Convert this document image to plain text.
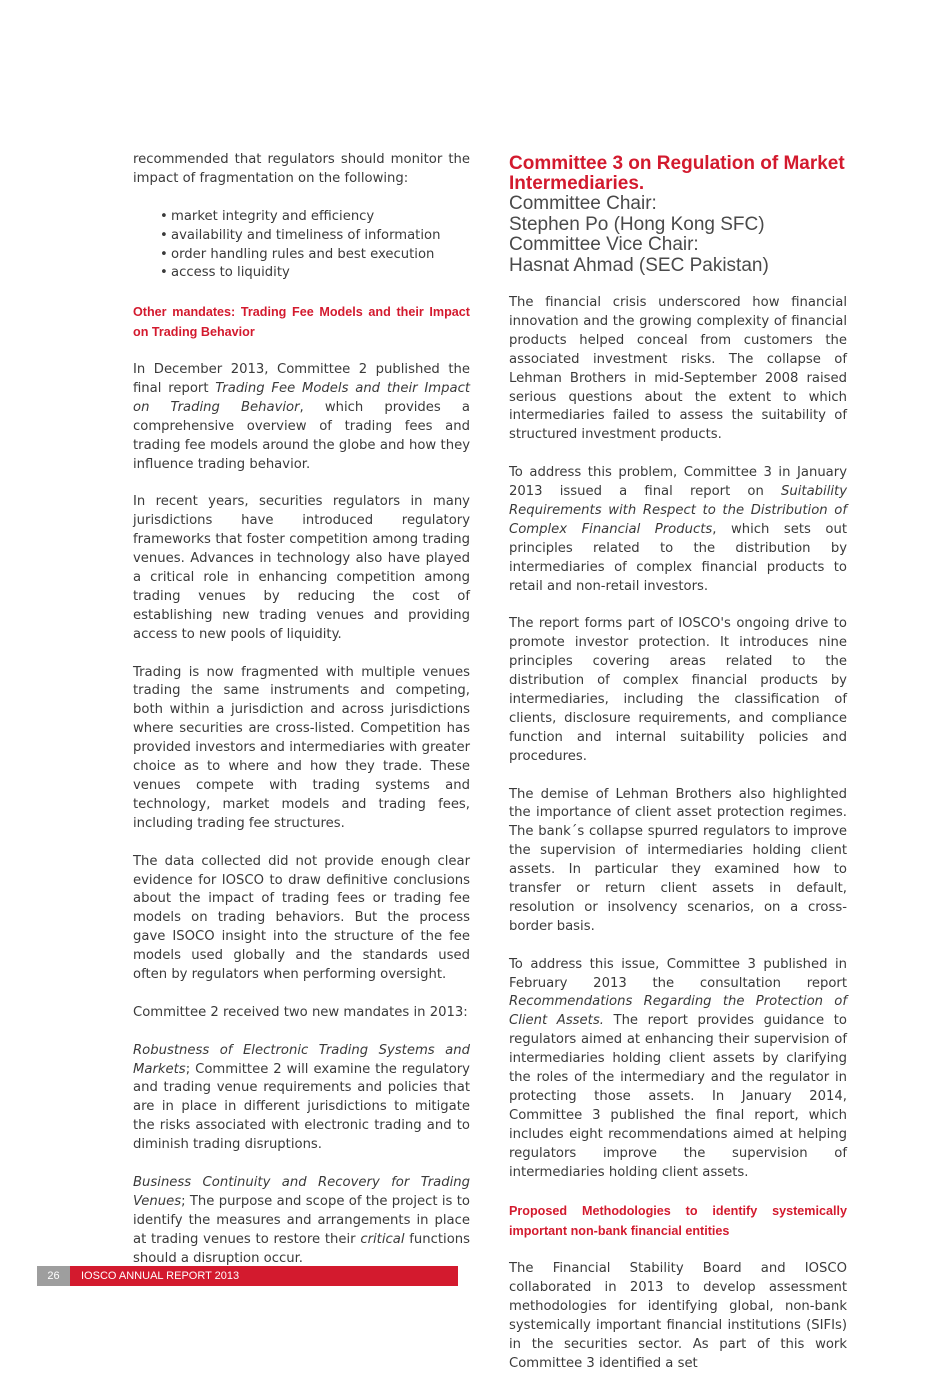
recommended that regulators should monitor the impact of fragmentation on the following:

• market integrity and efficiency
• availability and timeliness of information
• order handling rules and best execution
• access to liquidity
Other mandates: Trading Fee Models and their Impact on Trading Behavior

In December 2013, Committee 2 published the final report Trading Fee Models and their Impact on Trading Behavior, which provides a comprehensive overview of trading fees and trading fee models around the globe and how they influence trading behavior.

In recent years, securities regulators in many jurisdictions have introduced regulatory frameworks that foster competition among trading venues. Advances in technology also have played a critical role in enhancing competition among trading venues by reducing the cost of establishing new trading venues and providing access to new pools of liquidity.

Trading is now fragmented with multiple venues trading the same instruments and competing, both within a jurisdiction and across jurisdictions where securities are cross-listed. Competition has provided investors and intermediaries with greater choice as to where and how they trade. These venues compete with trading systems and technology, market models and trading fees, including trading fee structures.

The data collected did not provide enough clear evidence for IOSCO to draw definitive conclusions about the impact of trading fees or trading fee models on trading behaviors. But the process gave ISOCO insight into the structure of the fee models used globally and the standards used often by regulators when performing oversight.

Committee 2 received two new mandates in 2013:

Robustness of Electronic Trading Systems and Markets; Committee 2 will examine the regulatory and trading venue requirements and policies that are in place in different jurisdictions to mitigate the risks associated with electronic trading and to diminish trading disruptions.

Business Continuity and Recovery for Trading Venues; The purpose and scope of the project is to identify the measures and arrangements in place at trading venues to restore their critical functions should a disruption occur.

Committee 3 on Regulation of Market Intermediaries.
Committee Chair:
Stephen Po (Hong Kong SFC)
Committee Vice Chair:
Hasnat Ahmad (SEC Pakistan)

The financial crisis underscored how financial innovation and the growing complexity of financial products helped conceal from customers the associated investment risks. The collapse of Lehman Brothers in mid-September 2008 raised serious questions about the extent to which intermediaries failed to assess the suitability of structured investment products.

To address this problem, Committee 3 in January 2013 issued a final report on Suitability Requirements with Respect to the Distribution of Complex Financial Products, which sets out principles related to the distribution by intermediaries of complex financial products to retail and non-retail investors.

The report forms part of IOSCO's ongoing drive to promote investor protection. It introduces nine principles covering areas related to the distribution of complex financial products by intermediaries, including the classification of clients, disclosure requirements, and compliance function and internal suitability policies and procedures.

The demise of Lehman Brothers also highlighted the importance of client asset protection regimes. The bank´s collapse spurred regulators to improve the supervision of intermediaries holding client assets. In particular they examined how to transfer or return client assets in default, resolution or insolvency scenarios, on a cross-border basis.

To address this issue, Committee 3 published in February 2013 the consultation report Recommendations Regarding the Protection of Client Assets. The report provides guidance to regulators aimed at enhancing their supervision of intermediaries holding client assets by clarifying the roles of the intermediary and the regulator in protecting those assets. In January 2014, Committee 3 published the final report, which includes eight recommendations aimed at helping regulators improve the supervision of intermediaries holding client assets.

Proposed Methodologies to identify systemically important non-bank financial entities

The Financial Stability Board and IOSCO collaborated in 2013 to develop assessment methodologies for identifying global, non-bank systemically important financial institutions (SIFIs) in the securities sector. As part of this work Committee 3 identified a set

26	IOSCO ANNUAL REPORT 2013
